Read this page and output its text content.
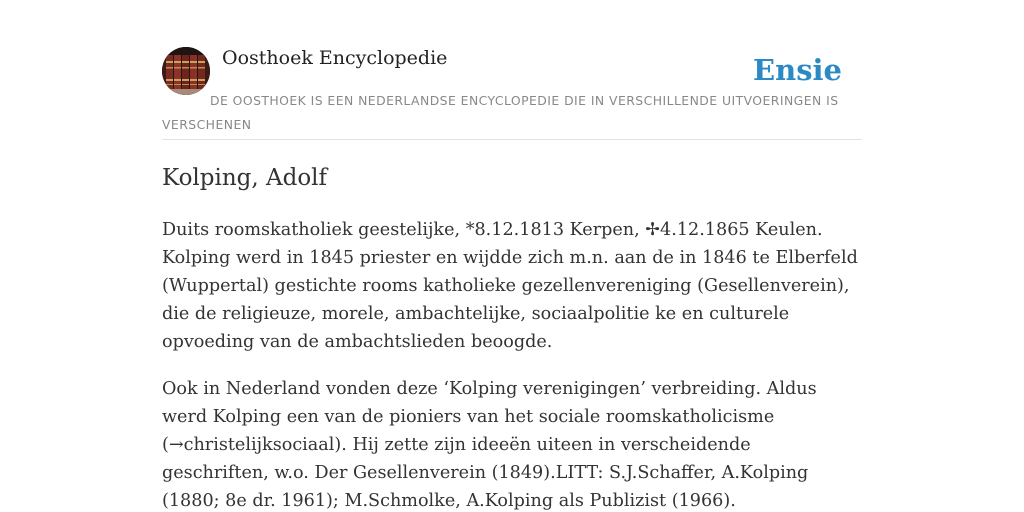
Oosthoek Encyclopedie	Ensie
DE OOSTHOEK IS EEN NEDERLANDSE ENCYCLOPEDIE DIE IN VERSCHILLENDE UITVOERINGEN IS VERSCHENEN
Kolping, Adolf

Duits roomskatholiek geestelijke, *8.12.1813 Kerpen, ✢4.12.1865 Keulen. Kolping werd in 1845 priester en wijdde zich m.n. aan de in 1846 te Elberfeld (Wuppertal) gestichte rooms katholieke gezellenvereniging (Gesellenverein), die de religieuze, morele, ambachtelijke, sociaalpolitie ke en culturele opvoeding van de ambachtslieden beoogde.

Ook in Nederland vonden deze ‘Kolping verenigingen’ verbreiding. Aldus werd Kolping een van de pioniers van het sociale roomskatholicisme (→christelijksociaal). Hij zette zijn ideeën uiteen in verscheidende geschriften, w.o. Der Gesellenverein (1849).LITT: S.J.Schaffer, A.Kolping (1880; 8e dr. 1961); M.Schmolke, A.Kolping als Publizist (1966).
